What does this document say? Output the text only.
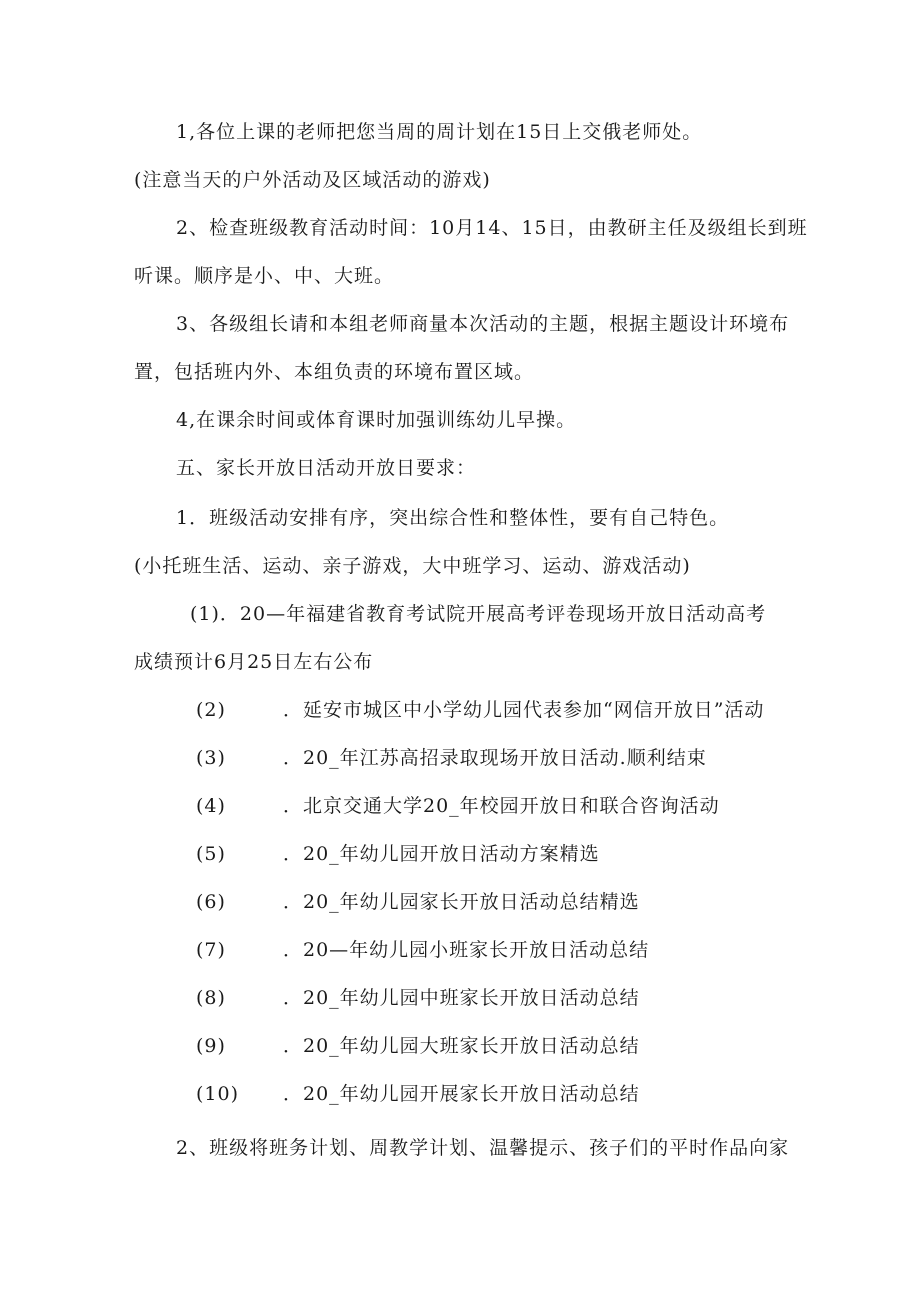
1,各位上课的老师把您当周的周计划在15日上交俄老师处。
(注意当天的户外活动及区域活动的游戏)
2、检查班级教育活动时间：10月14、15日，由教研主任及级组长到班
听课。顺序是小、中、大班。
3、各级组长请和本组老师商量本次活动的主题，根据主题设计环境布
置，包括班内外、本组负责的环境布置区域。
4,在课余时间或体育课时加强训练幼儿早操。
五、家长开放日活动开放日要求：
1．班级活动安排有序，突出综合性和整体性，要有自己特色。
(小托班生活、运动、亲子游戏，大中班学习、运动、游戏活动)
(1)．20—年福建省教育考试院开展高考评卷现场开放日活动高考
成绩预计6月25日左右公布
(2)	．延安市城区中小学幼儿园代表参加“网信开放日”活动
(3)	．20_年江苏高招录取现场开放日活动.顺利结束
(4)	．北京交通大学20_年校园开放日和联合咨询活动
(5)	．20_年幼儿园开放日活动方案精选
(6)	．20_年幼儿园家长开放日活动总结精选
(7)	．20—年幼儿园小班家长开放日活动总结
(8)	．20_年幼儿园中班家长开放日活动总结
(9)	．20_年幼儿园大班家长开放日活动总结
(10) ．20_年幼儿园开展家长开放日活动总结
2、班级将班务计划、周教学计划、温馨提示、孩子们的平时作品向家
